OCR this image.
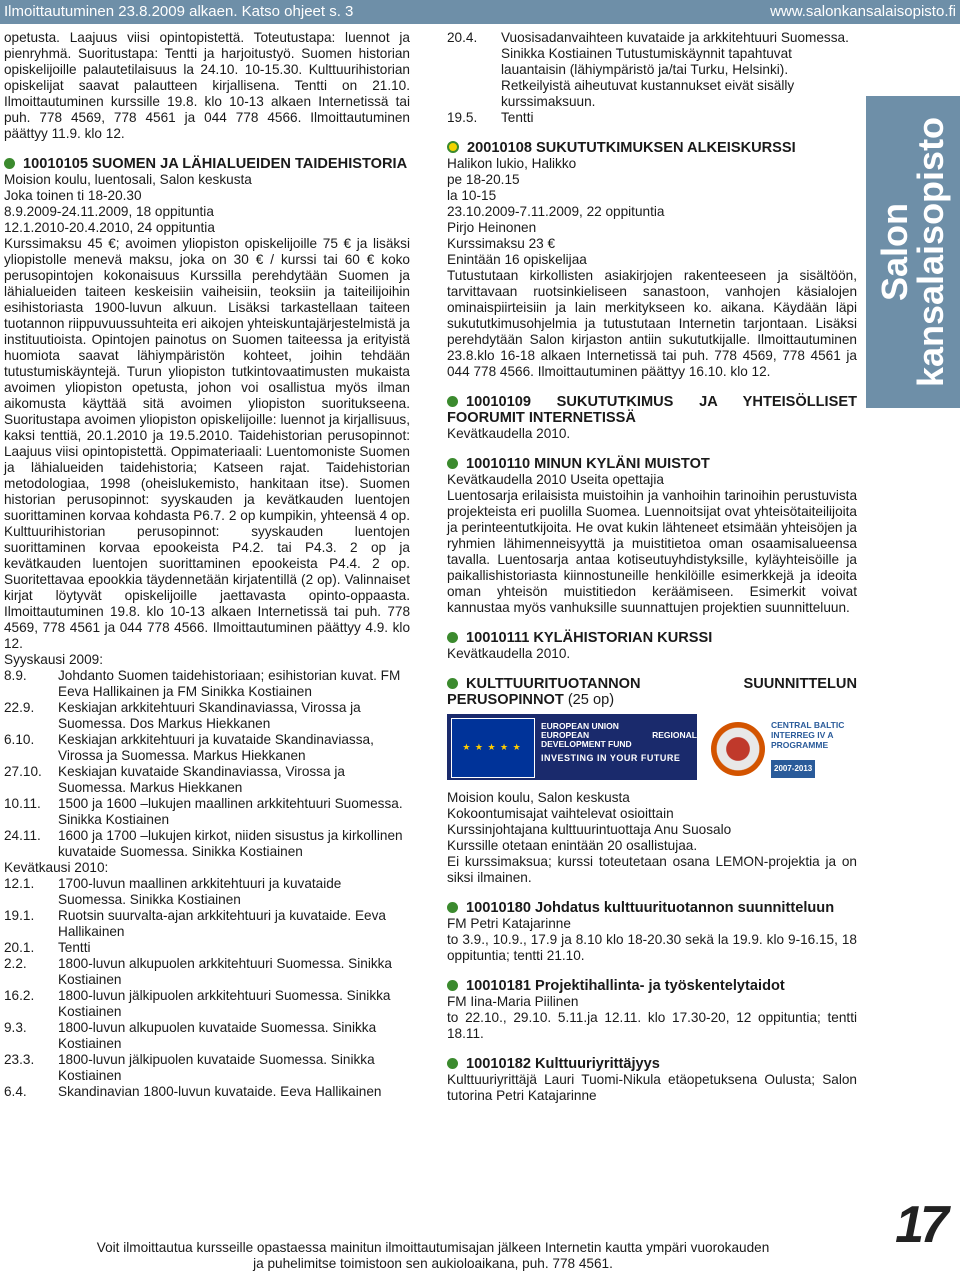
Ilmoittautuminen 23.8.2009 alkaen. Katso ohjeet s. 3	www.salonkansalaisopisto.fi
Salon
kansalaisopisto
17

opetusta. Laajuus viisi opintopistettä. Toteutustapa: luennot ja pienryhmä. Suoritustapa: Tentti ja harjoitustyö. Suomen historian opiskelijoille palautetilaisuus la 24.10. 10-15.30. Kulttuurihistorian opiskelijat saavat palautteen kirjallisena. Tentti on 21.10. Ilmoittautuminen kurssille 19.8. klo 10-13 alkaen Internetissä tai puh. 778 4569, 778 4561 ja 044 778 4566. Ilmoittautuminen päättyy 11.9. klo 12.

10010105 SUOMEN JA LÄHIALUEIDEN TAIDEHISTORIA
Moision koulu, luentosali, Salon keskusta
Joka toinen ti 18-20.30
8.9.2009-24.11.2009, 18 oppituntia
12.1.2010-20.4.2010, 24 oppituntia

Kurssimaksu 45 €; avoimen yliopiston opiskelijoille 75 € ja lisäksi yliopistolle menevä maksu, joka on 30 € / kurssi tai 60 € koko perusopintojen kokonaisuus Kurssilla perehdytään Suomen ja lähialueiden taiteen keskeisiin vaiheisiin, teoksiin ja taiteilijoihin esihistoriasta 1900-luvun alkuun. Lisäksi tarkastellaan taiteen tuotannon riippuvuussuhteita eri aikojen yhteiskuntajärjestelmistä ja instituutioista. Opintojen painotus on Suomen taiteessa ja erityistä huomiota saavat lähiympäristön kohteet, joihin tehdään tutustumiskäyntejä. Turun yliopiston tutkintovaatimusten mukaista avoimen yliopiston opetusta, johon voi osallistua myös ilman aikomusta käyttää sitä avoimen yliopiston suoritukseena. Suoritustapa avoimen yliopiston opiskelijoille: luennot ja kirjallisuus, kaksi tenttiä, 20.1.2010 ja 19.5.2010. Taidehistorian perusopinnot: Laajuus viisi opintopistettä. Oppimateriaali: Luentomoniste Suomen ja lähialueiden taidehistoria; Katseen rajat. Taidehistorian metodologiaa, 1998 (oheislukemisto, hankitaan itse). Suomen historian perusopinnot: syyskauden ja kevätkauden luentojen suorittaminen korvaa kohdasta P6.7. 2 op kumpikin, yhteensä 4 op. Kulttuurihistorian perusopinnot: syyskauden luentojen suorittaminen korvaa epookeista P4.2. tai P4.3. 2 op ja kevätkauden luentojen suorittaminen epookeista P4.4. 2 op. Suoritettavaa epookkia täydennetään kirjatentillä (2 op). Valinnaiset kirjat löytyvät opiskelijoille jaettavasta opinto-oppaasta. Ilmoittautuminen 19.8. klo 10-13 alkaen Internetissä tai puh. 778 4569, 778 4561 ja 044 778 4566. Ilmoittautuminen päättyy 4.9. klo 12.

Syyskausi 2009:
8.9.	Johdanto Suomen taidehistoriaan; esihistorian kuvat. FM Eeva Hallikainen ja FM Sinikka Kostiainen
22.9.	Keskiajan arkkitehtuuri Skandinaviassa, Virossa ja Suomessa. Dos Markus Hiekkanen
6.10.	Keskiajan arkkitehtuuri ja kuvataide Skandinaviassa, Virossa ja Suomessa. Markus Hiekkanen
27.10.	Keskiajan kuvataide Skandinaviassa, Virossa ja Suomessa. Markus Hiekkanen
10.11.	1500 ja 1600 –lukujen maallinen arkkitehtuuri Suomessa. Sinikka Kostiainen
24.11.	1600 ja 1700 –lukujen kirkot, niiden sisustus ja kirkollinen kuvataide Suomessa. Sinikka Kostiainen
Kevätkausi 2010:
12.1.	1700-luvun maallinen arkkitehtuuri ja kuvataide Suomessa. Sinikka Kostiainen
19.1.	Ruotsin suurvalta-ajan arkkitehtuuri ja kuvataide. Eeva Hallikainen
20.1.	Tentti
2.2.	1800-luvun alkupuolen arkkitehtuuri Suomessa. Sinikka Kostiainen
16.2.	1800-luvun jälkipuolen arkkitehtuuri Suomessa. Sinikka Kostiainen
9.3.	1800-luvun alkupuolen kuvataide Suomessa. Sinikka Kostiainen
23.3.	1800-luvun jälkipuolen kuvataide Suomessa. Sinikka Kostiainen
6.4.	Skandinavian 1800-luvun kuvataide. Eeva Hallikainen
20.4.	Vuosisadanvaihteen kuvataide ja arkkitehtuuri Suomessa. Sinikka Kostiainen Tutustumiskäynnit tapahtuvat lauantaisin (lähiympäristö ja/tai Turku, Helsinki). Retkeilyistä aiheutuvat kustannukset eivät sisälly kurssimaksuun.
19.5.	Tentti
20010108 SUKUTUTKIMUKSEN ALKEISKURSSI
Halikon lukio, Halikko
pe 18-20.15
la 10-15
23.10.2009-7.11.2009, 22 oppituntia
Pirjo Heinonen
Kurssimaksu 23 €
Enintään 16 opiskelijaa

Tutustutaan kirkollisten asiakirjojen rakenteeseen ja sisältöön, tarvittavaan ruotsinkieliseen sanastoon, vanhojen käsialojen ominaispiirteisiin ja lain merkitykseen ko. aikana. Käydään läpi sukututkimusohjelmia ja tutustutaan Internetin tarjontaan. Lisäksi perehdytään Salon kirjaston antiin sukututkijalle. Ilmoittautuminen 23.8.klo 16-18 alkaen Internetissä tai puh. 778 4569, 778 4561 ja 044 778 4566. Ilmoittautuminen päättyy 16.10. klo 12.

10010109 SUKUTUTKIMUS JA YHTEISÖLLISET FOORUMIT INTERNETISSÄ
Kevätkaudella 2010.
10010110 MINUN KYLÄNI MUISTOT
Kevätkaudella 2010 Useita opettajia

Luentosarja erilaisista muistoihin ja vanhoihin tarinoihin perustuvista projekteista eri puolilla Suomea. Luennoitsijat ovat yhteisötaiteilijoita ja perinteentutkijoita. He ovat kukin lähteneet etsimään yhteisöjen ja ryhmien lähimenneisyyttä ja muistitietoa oman osaamisalueensa tavalla. Luentosarja antaa kotiseutuyhdistyksille, kyläyhteisöille ja paikallishistoriasta kiinnostuneille henkilöille esimerkkejä ja ideoita oman yhteisön muistitiedon keräämiseen. Esimerkit voivat kannustaa myös vanhuksille suunnattujen projektien suunnitteluun.

10010111 KYLÄHISTORIAN KURSSI
Kevätkaudella 2010.
KULTTUURITUOTANNON SUUNNITTELUN PERUSOPINNOT (25 op)
★ ★ ★ ★ ★
EUROPEAN UNION
EUROPEAN REGIONAL DEVELOPMENT FUND
INVESTING IN YOUR FUTURE
CENTRAL BALTIC
INTERREG IV A
PROGRAMME
2007-2013
Moision koulu, Salon keskusta
Kokoontumisajat vaihtelevat osioittain
Kurssinjohtajana kulttuurintuottaja Anu Suosalo
Kurssille otetaan enintään 20 osallistujaa.

Ei kurssimaksua; kurssi toteutetaan osana LEMON-projektia ja on siksi ilmainen.

10010180 Johdatus kulttuurituotannon suunnitteluun
FM Petri Katajarinne

to 3.9., 10.9., 17.9 ja 8.10 klo 18-20.30 sekä la 19.9. klo 9-16.15, 18 oppituntia; tentti 21.10.

10010181 Projektihallinta- ja työskentelytaidot
FM Iina-Maria Piilinen

to 22.10., 29.10. 5.11.ja 12.11. klo 17.30-20, 12 oppituntia; tentti 18.11.

10010182 Kulttuuriyrittäjyys

Kulttuuriyrittäjä Lauri Tuomi-Nikula etäopetuksena Oulusta; Salon tutorina Petri Katajarinne

Voit ilmoittautua kursseille opastaessa mainitun ilmoittautumisajan jälkeen Internetin kautta ympäri vuorokauden
ja puhelimitse toimistoon sen aukioloaikana, puh. 778 4561.
